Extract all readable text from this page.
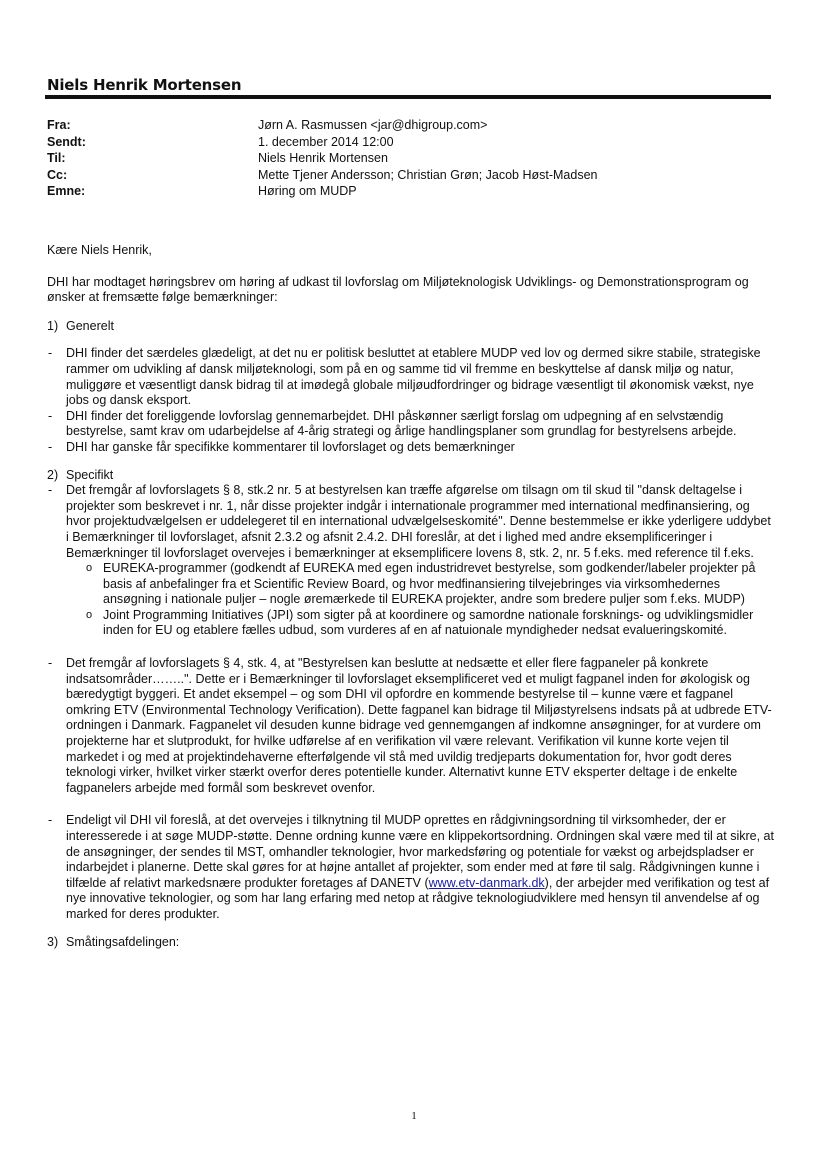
Niels Henrik Mortensen
Fra:
Sendt:
Til:
Cc:
Emne:
Jørn A. Rasmussen <jar@dhigroup.com>
1. december 2014 12:00
Niels Henrik Mortensen
Mette Tjener Andersson; Christian Grøn; Jacob Høst-Madsen
Høring om MUDP

Kære Niels Henrik,

DHI har modtaget høringsbrev om høring af udkast til lovforslag om Miljøteknologisk Udviklings- og Demonstrationsprogram og ønsker at fremsætte følge bemærkninger:

1) Generelt

- DHI finder det særdeles glædeligt, at det nu er politisk besluttet at etablere MUDP ved lov og dermed sikre stabile, strategiske rammer om udvikling af dansk miljøteknologi, som på en og samme tid vil fremme en beskyttelse af dansk miljø og natur, muliggøre et væsentligt dansk bidrag til at imødegå globale miljøudfordringer og bidrage væsentligt til økonomisk vækst, nye jobs og dansk eksport.

- DHI finder det foreliggende lovforslag gennemarbejdet. DHI påskønner særligt forslag om udpegning af en selvstændig bestyrelse, samt krav om udarbejdelse af 4-årig strategi og årlige handlingsplaner som grundlag for bestyrelsens arbejde.

- DHI har ganske får specifikke kommentarer til lovforslaget og dets bemærkninger

2) Specifikt

- Det fremgår af lovforslagets § 8, stk.2 nr. 5 at bestyrelsen kan træffe afgørelse om tilsagn om til skud til "dansk deltagelse i projekter som beskrevet i nr. 1, når disse projekter indgår i internationale programmer med international medfinansiering, og hvor projektudvælgelsen er uddelegeret til en international udvælgelseskomité". Denne bestemmelse er ikke yderligere uddybet i Bemærkninger til lovforslaget, afsnit 2.3.2 og afsnit 2.4.2. DHI foreslår, at det i lighed med andre eksemplificeringer i Bemærkninger til lovforslaget overvejes i bemærkninger at eksemplificere lovens 8, stk. 2, nr. 5 f.eks. med reference til f.eks.

o EUREKA-programmer (godkendt af EUREKA med egen industridrevet bestyrelse, som godkender/labeler projekter på basis af anbefalinger fra et Scientific Review Board, og hvor medfinansiering tilvejebringes via virksomhedernes ansøgning i nationale puljer – nogle øremærkede til EUREKA projekter, andre som bredere puljer som f.eks. MUDP)

o Joint Programming Initiatives (JPI) som sigter på at koordinere og samordne nationale forsknings- og udviklingsmidler inden for EU og etablere fælles udbud, som vurderes af en af natuionale myndigheder nedsat evalueringskomité.

- Det fremgår af lovforslagets § 4, stk. 4, at "Bestyrelsen kan beslutte at nedsætte et eller flere fagpaneler på konkrete indsatsområder……..". Dette er i Bemærkninger til lovforslaget eksemplificeret ved et muligt fagpanel inden for økologisk og bæredygtigt byggeri. Et andet eksempel – og som DHI vil opfordre en kommende bestyrelse til – kunne være et fagpanel omkring ETV (Environmental Technology Verification). Dette fagpanel kan bidrage til Miljøstyrelsens indsats på at udbrede ETV-ordningen i Danmark. Fagpanelet vil desuden kunne bidrage ved gennemgangen af indkomne ansøgninger, for at vurdere om projekterne har et slutprodukt, for hvilke udførelse af en verifikation vil være relevant. Verifikation vil kunne korte vejen til markedet i og med at projektindehaverne efterfølgende vil stå med uvildig tredjeparts dokumentation for, hvor godt deres teknologi virker, hvilket virker stærkt overfor deres potentielle kunder. Alternativt kunne ETV eksperter deltage i de enkelte fagpanelers arbejde med formål som beskrevet ovenfor.

- Endeligt vil DHI vil foreslå, at det overvejes i tilknytning til MUDP oprettes en rådgivningsordning til virksomheder, der er interesserede i at søge MUDP-støtte. Denne ordning kunne være en klippekortsordning. Ordningen skal være med til at sikre, at de ansøgninger, der sendes til MST, omhandler teknologier, hvor markedsføring og potentiale for vækst og arbejdspladser er indarbejdet i planerne. Dette skal gøres for at højne antallet af projekter, som ender med at føre til salg. Rådgivningen kunne i tilfælde af relativt markedsnære produkter foretages af DANETV (www.etv-danmark.dk), der arbejder med verifikation og test af nye innovative teknologier, og som har lang erfaring med netop at rådgive teknologiudviklere med hensyn til anvendelse af og marked for deres produkter.

3) Småtingsafdelingen:

1
